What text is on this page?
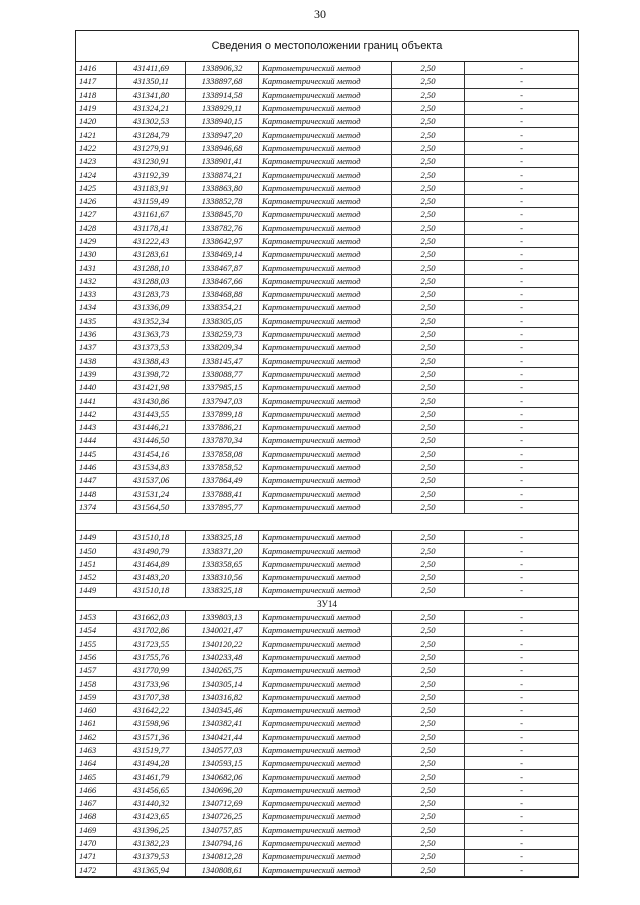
30
Сведения о местоположении границ объекта
1416	431411,69	1338906,32	Картометрический метод	2,50	-
1417	431350,11	1338897,68	Картометрический метод	2,50	-
1418	431341,80	1338914,58	Картометрический метод	2,50	-
1419	431324,21	1338929,11	Картометрический метод	2,50	-
1420	431302,53	1338940,15	Картометрический метод	2,50	-
1421	431284,79	1338947,20	Картометрический метод	2,50	-
1422	431279,91	1338946,68	Картометрический метод	2,50	-
1423	431230,91	1338901,41	Картометрический метод	2,50	-
1424	431192,39	1338874,21	Картометрический метод	2,50	-
1425	431183,91	1338863,80	Картометрический метод	2,50	-
1426	431159,49	1338852,78	Картометрический метод	2,50	-
1427	431161,67	1338845,70	Картометрический метод	2,50	-
1428	431178,41	1338782,76	Картометрический метод	2,50	-
1429	431222,43	1338642,97	Картометрический метод	2,50	-
1430	431283,61	1338469,14	Картометрический метод	2,50	-
1431	431288,10	1338467,87	Картометрический метод	2,50	-
1432	431288,03	1338467,66	Картометрический метод	2,50	-
1433	431283,73	1338468,88	Картометрический метод	2,50	-
1434	431336,09	1338354,21	Картометрический метод	2,50	-
1435	431352,34	1338305,05	Картометрический метод	2,50	-
1436	431363,73	1338259,73	Картометрический метод	2,50	-
1437	431373,53	1338209,34	Картометрический метод	2,50	-
1438	431388,43	1338145,47	Картометрический метод	2,50	-
1439	431398,72	1338088,77	Картометрический метод	2,50	-
1440	431421,98	1337985,15	Картометрический метод	2,50	-
1441	431430,86	1337947,03	Картометрический метод	2,50	-
1442	431443,55	1337899,18	Картометрический метод	2,50	-
1443	431446,21	1337886,21	Картометрический метод	2,50	-
1444	431446,50	1337870,34	Картометрический метод	2,50	-
1445	431454,16	1337858,08	Картометрический метод	2,50	-
1446	431534,83	1337858,52	Картометрический метод	2,50	-
1447	431537,06	1337864,49	Картометрический метод	2,50	-
1448	431531,24	1337888,41	Картометрический метод	2,50	-
1374	431564,50	1337895,77	Картометрический метод	2,50	-

1449	431510,18	1338325,18	Картометрический метод	2,50	-
1450	431490,79	1338371,20	Картометрический метод	2,50	-
1451	431464,89	1338358,65	Картометрический метод	2,50	-
1452	431483,20	1338310,56	Картометрический метод	2,50	-
1449	431510,18	1338325,18	Картометрический метод	2,50	-
ЗУ14					
1453	431662,03	1339803,13	Картометрический метод	2,50	-
1454	431702,86	1340021,47	Картометрический метод	2,50	-
1455	431723,55	1340120,22	Картометрический метод	2,50	-
1456	431755,76	1340233,48	Картометрический метод	2,50	-
1457	431770,99	1340265,75	Картометрический метод	2,50	-
1458	431733,96	1340305,14	Картометрический метод	2,50	-
1459	431707,38	1340316,82	Картометрический метод	2,50	-
1460	431642,22	1340345,46	Картометрический метод	2,50	-
1461	431598,96	1340382,41	Картометрический метод	2,50	-
1462	431571,36	1340421,44	Картометрический метод	2,50	-
1463	431519,77	1340577,03	Картометрический метод	2,50	-
1464	431494,28	1340593,15	Картометрический метод	2,50	-
1465	431461,79	1340682,06	Картометрический метод	2,50	-
1466	431456,65	1340696,20	Картометрический метод	2,50	-
1467	431440,32	1340712,69	Картометрический метод	2,50	-
1468	431423,65	1340726,25	Картометрический метод	2,50	-
1469	431396,25	1340757,85	Картометрический метод	2,50	-
1470	431382,23	1340794,16	Картометрический метод	2,50	-
1471	431379,53	1340812,28	Картометрический метод	2,50	-
1472	431365,94	1340808,61	Картометрический метод	2,50	-
